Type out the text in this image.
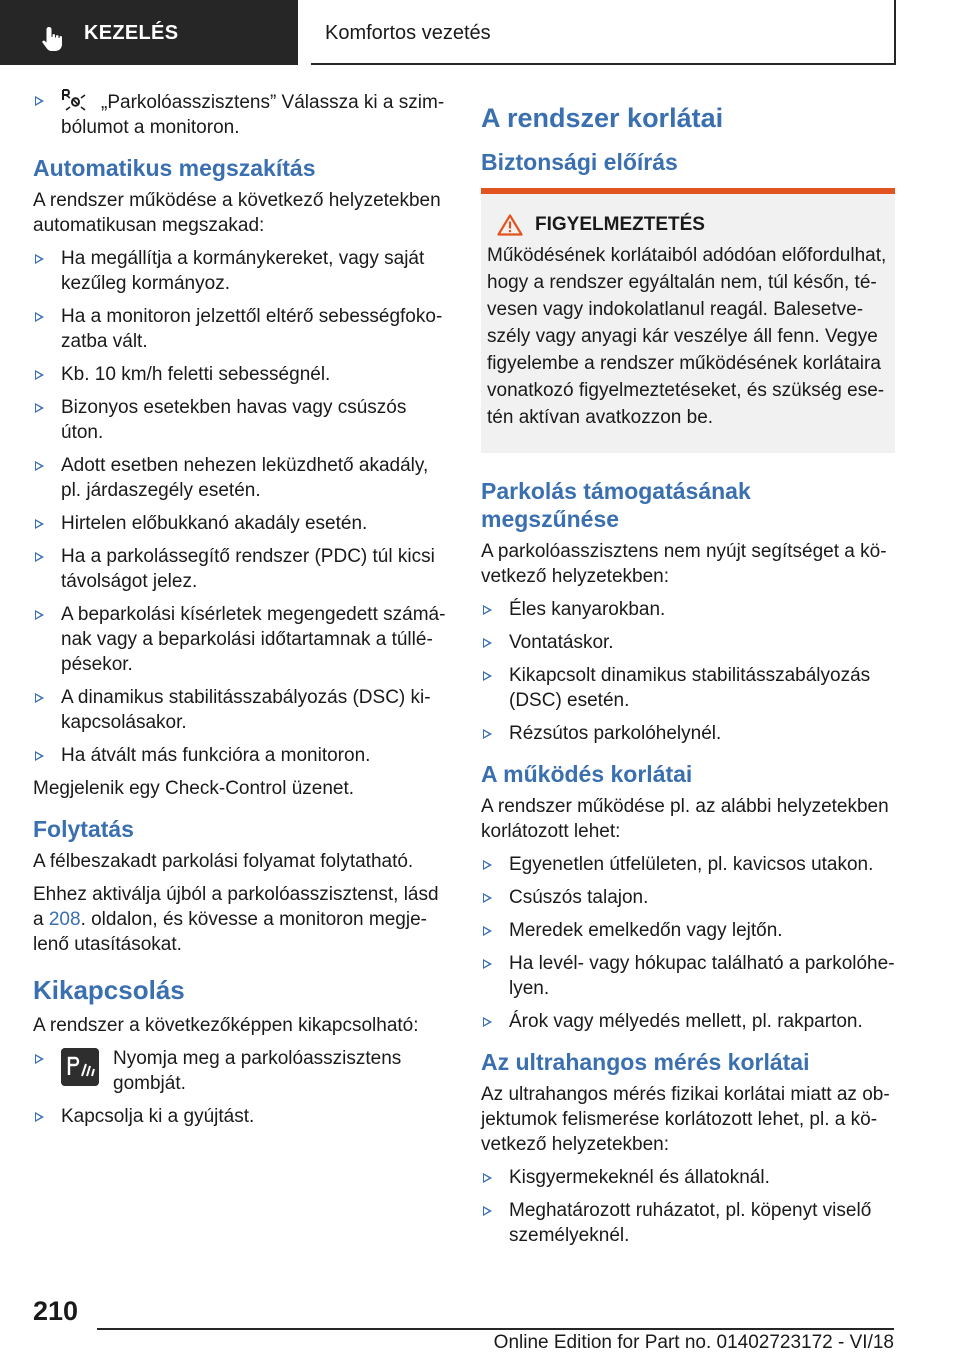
KEZELÉS	Komfortos vezetés
„Parkolóasszisztens” Válassza ki a szimbólumot a monitoron.
Automatikus megszakítás

A rendszer működése a következő helyzetekben automatikusan megszakad:

Ha megállítja a kormánykereket, vagy saját kezűleg kormányoz.
Ha a monitoron jelzettől eltérő sebességfokozatba vált.
Kb. 10 km/h feletti sebességnél.
Bizonyos esetekben havas vagy csúszós úton.
Adott esetben nehezen leküzdhető akadály, pl. járdaszegély esetén.
Hirtelen előbukkanó akadály esetén.
Ha a parkolássegítő rendszer (PDC) túl kicsi távolságot jelez.
A beparkolási kísérletek megengedett számának vagy a beparkolási időtartamnak a túllépésekor.
A dinamikus stabilitásszabályozás (DSC) kikapcsolásakor.
Ha átvált más funkcióra a monitoron.

Megjelenik egy Check-Control üzenet.

Folytatás

A félbeszakadt parkolási folyamat folytatható.

Ehhez aktiválja újból a parkolóasszisztenst, lásd a 208. oldalon, és kövesse a monitoron megjelenő utasításokat.

Kikapcsolás

A rendszer a következőképpen kikapcsolható:

Nyomja meg a parkolóasszisztens gombját.
Kapcsolja ki a gyújtást.
A rendszer korlátai
Biztonsági előírás
FIGYELMEZTETÉS

Működésének korlátaiból adódóan előfordulhat, hogy a rendszer egyáltalán nem, túl későn, tévesen vagy indokolatlanul reagál. Balesetveszély vagy anyagi kár veszélye áll fenn. Vegye figyelembe a rendszer működésének korlátaira vonatkozó figyelmeztetéseket, és szükség esetén aktívan avatkozzon be.

Parkolás támogatásának megszűnése

A parkolóasszisztens nem nyújt segítséget a következő helyzetekben:

Éles kanyarokban.
Vontatáskor.
Kikapcsolt dinamikus stabilitásszabályozás (DSC) esetén.
Rézsútos parkolóhelynél.
A működés korlátai

A rendszer működése pl. az alábbi helyzetekben korlátozott lehet:

Egyenetlen útfelületen, pl. kavicsos utakon.
Csúszós talajon.
Meredek emelkedőn vagy lejtőn.
Ha levél- vagy hókupac található a parkolóhelyen.
Árok vagy mélyedés mellett, pl. rakparton.
Az ultrahangos mérés korlátai

Az ultrahangos mérés fizikai korlátai miatt az objektumok felismerése korlátozott lehet, pl. a következő helyzetekben:

Kisgyermekeknél és állatoknál.
Meghatározott ruházatot, pl. köpenyt viselő személyeknél.
210
Online Edition for Part no. 01402723172 - VI/18
